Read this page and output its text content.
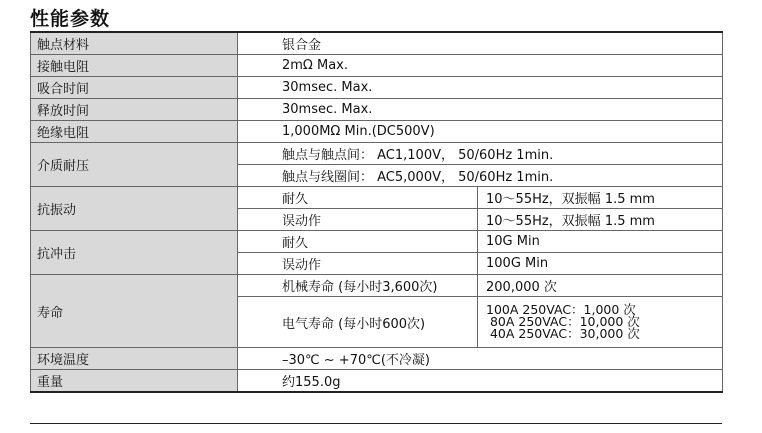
性能参数
触点材料	银合金	
接触电阻	2mΩ Max.	
吸合时间	30msec. Max.	
释放时间	30msec. Max.	
绝缘电阻	1,000MΩ Min.(DC500V)	
介质耐压	触点与触点间： AC1,100V， 50/60Hz 1min.	
	触点与线圈间： AC5,000V， 50/60Hz 1min.	
抗振动	耐久	10～55Hz，双振幅 1.5 mm
	误动作	10～55Hz，双振幅 1.5 mm
抗冲击	耐久	10G Min
	误动作	100G Min
寿命	机械寿命 (每小时3,600次)	200,000 次
	电气寿命 (每小时600次)	100A 250VAC：1,000 次
80A 250VAC：10,000 次
40A 250VAC：30,000 次

环境温度	–30℃ ~ +70℃(不冷凝)	
重量	约155.0g	
